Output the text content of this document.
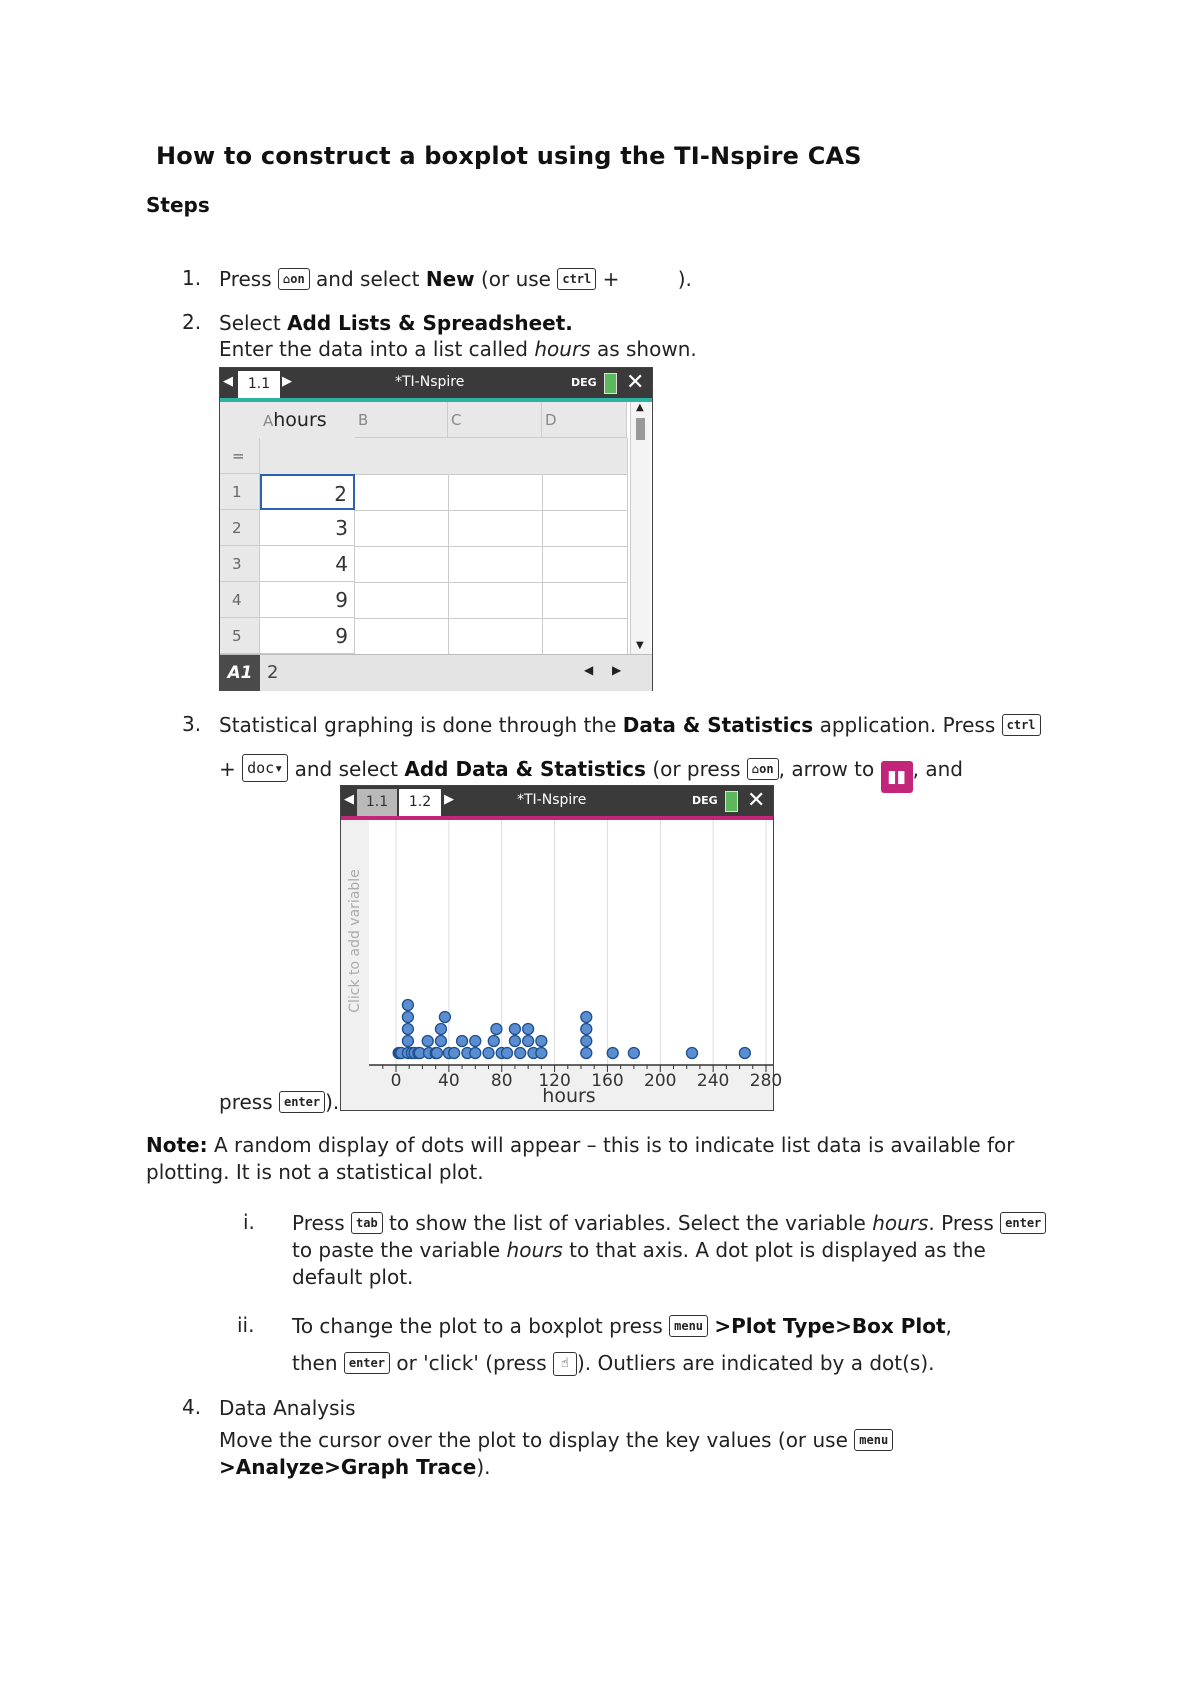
How to construct a boxplot using the TI-Nspire CAS
Steps
1. Press ⌂on and select New (or use ctrl +	).
2. Select Add Lists & Spreadsheet.
Enter the data into a list called hours as shown.
◀	1.1 ▶	*TI-Nspire	DEG ✕
Ahours	B	C	D
=
1	2
2	3
3	4
4	9
5	9
▲
▼
A1 2	◀ ▶
3. Statistical graphing is done through the Data & Statistics application. Press ctrl
+ doc▾ and select Add Data & Statistics (or press ⌂on , arrow to ▮▮ , and
press enter ).
◀ 1.1	1.2 ▶	*TI-Nspire	DEG ✕
Click to add variable
0 40 80 120 160 200 240 280
hours
Note: A random display of dots will appear – this is to indicate list data is available for
plotting. It is not a statistical plot.
i. Press tab to show the list of variables. Select the variable hours. Press enter
to paste the variable hours to that axis. A dot plot is displayed as the
default plot.
ii. To change the plot to a boxplot press menu >Plot Type>Box Plot,
then enter or 'click' (press ☝ ). Outliers are indicated by a dot(s).
4. Data Analysis
Move the cursor over the plot to display the key values (or use menu
>Analyze>Graph Trace).
